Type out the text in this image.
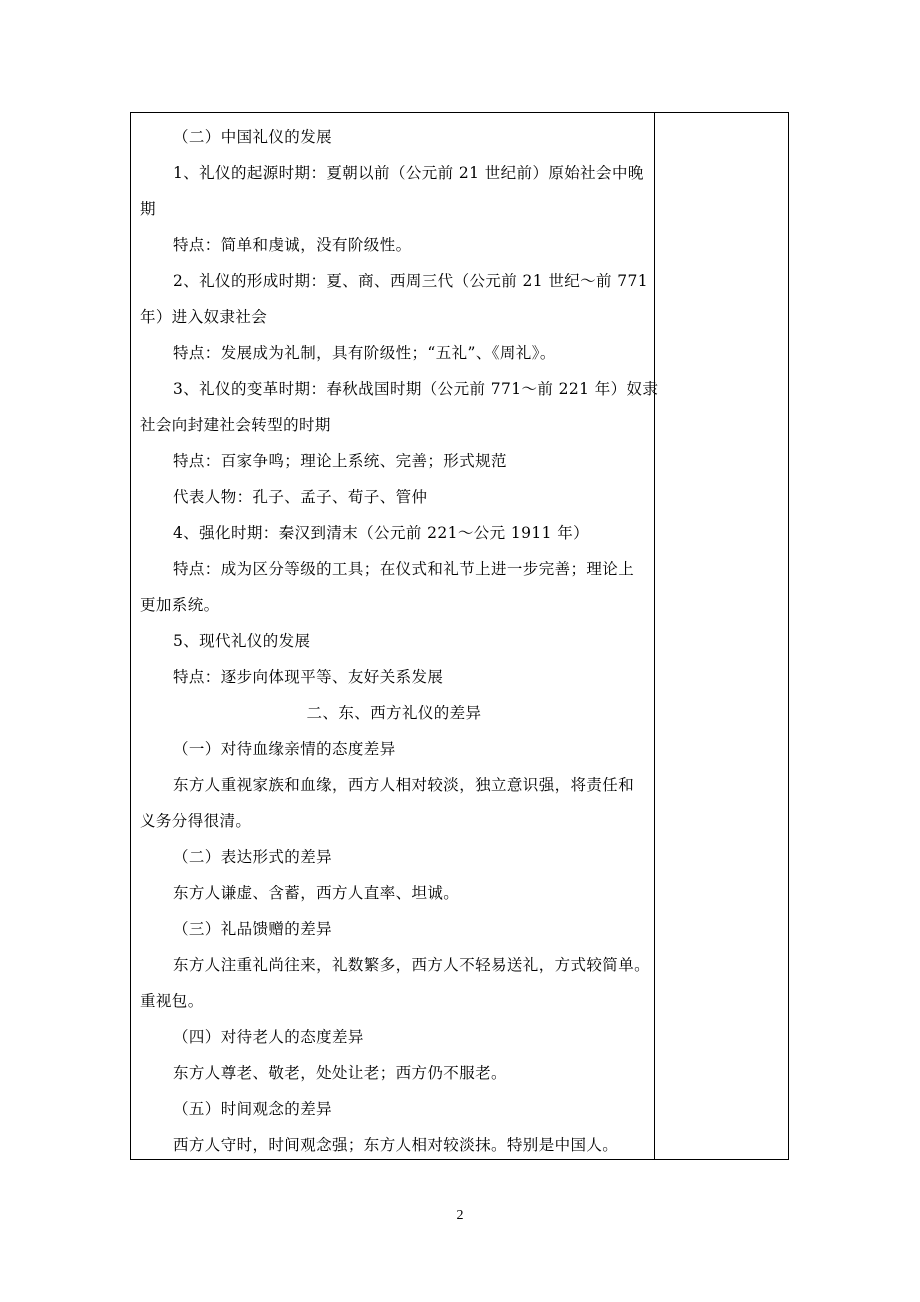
（二）中国礼仪的发展
1、礼仪的起源时期：夏朝以前（公元前 21 世纪前）原始社会中晚
期
特点：简单和虔诚，没有阶级性。
2、礼仪的形成时期：夏、商、西周三代（公元前 21 世纪～前 771
年）进入奴隶社会
特点：发展成为礼制，具有阶级性；“五礼”、《周礼》。
3、礼仪的变革时期：春秋战国时期（公元前 771～前 221 年）奴隶
社会向封建社会转型的时期
特点：百家争鸣；理论上系统、完善；形式规范
代表人物：孔子、孟子、荀子、管仲
4、强化时期：秦汉到清末（公元前 221～公元 1911 年）
特点：成为区分等级的工具；在仪式和礼节上进一步完善；理论上
更加系统。
5、现代礼仪的发展
特点：逐步向体现平等、友好关系发展
二、东、西方礼仪的差异
（一）对待血缘亲情的态度差异
东方人重视家族和血缘，西方人相对较淡，独立意识强，将责任和
义务分得很清。
（二）表达形式的差异
东方人谦虚、含蓄，西方人直率、坦诚。
（三）礼品馈赠的差异
东方人注重礼尚往来，礼数繁多，西方人不轻易送礼，方式较简单。
重视包。
（四）对待老人的态度差异
东方人尊老、敬老，处处让老；西方仍不服老。
（五）时间观念的差异
西方人守时，时间观念强；东方人相对较淡抹。特别是中国人。
2
